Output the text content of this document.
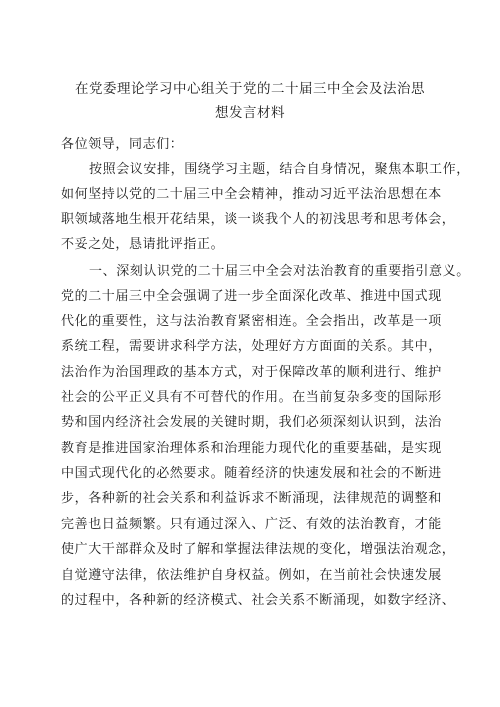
在党委理论学习中心组关于党的二十届三中全会及法治思
想发言材料
各位领导，同志们：
按照会议安排，围绕学习主题，结合自身情况，聚焦本职工作，
如何坚持以党的二十届三中全会精神，推动习近平法治思想在本
职领域落地生根开花结果，谈一谈我个人的初浅思考和思考体会，
不妥之处，恳请批评指正。
一、深刻认识党的二十届三中全会对法治教育的重要指引意义。
党的二十届三中全会强调了进一步全面深化改革、推进中国式现
代化的重要性，这与法治教育紧密相连。全会指出，改革是一项
系统工程，需要讲求科学方法，处理好方方面面的关系。其中，
法治作为治国理政的基本方式，对于保障改革的顺利进行、维护
社会的公平正义具有不可替代的作用。在当前复杂多变的国际形
势和国内经济社会发展的关键时期，我们必须深刻认识到，法治
教育是推进国家治理体系和治理能力现代化的重要基础，是实现
中国式现代化的必然要求。随着经济的快速发展和社会的不断进
步，各种新的社会关系和利益诉求不断涌现，法律规范的调整和
完善也日益频繁。只有通过深入、广泛、有效的法治教育，才能
使广大干部群众及时了解和掌握法律法规的变化，增强法治观念，
自觉遵守法律，依法维护自身权益。例如，在当前社会快速发展
的过程中，各种新的经济模式、社会关系不断涌现，如数字经济、
